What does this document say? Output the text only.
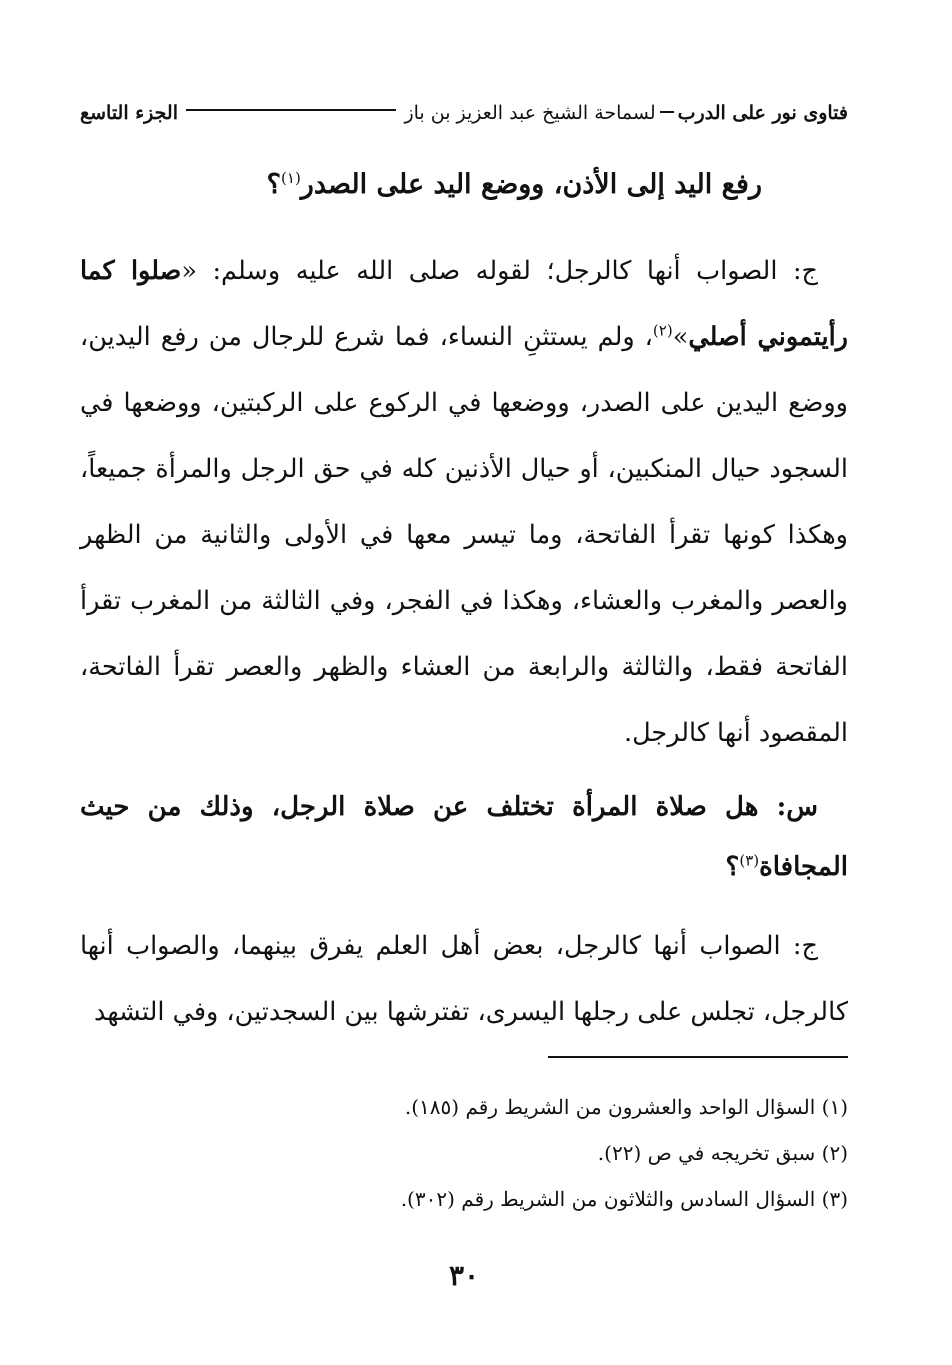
فتاوى نور على الدرب
لسماحة الشيخ عبد العزيز بن باز
الجزء التاسع
رفع اليد إلى الأذن، ووضع اليد على الصدر$^{(١)}$؟

ج: الصواب أنها كالرجل؛ لقوله صلى الله عليه وسلم: «صلوا كما رأيتموني أصلي»$^{(٢)}$، ولم يستثنِ النساء، فما شرع للرجال من رفع اليدين، ووضع اليدين على الصدر، ووضعها في الركوع على الركبتين، ووضعها في السجود حيال المنكبين، أو حيال الأذنين كله في حق الرجل والمرأة جميعاً، وهكذا كونها تقرأ الفاتحة، وما تيسر معها في الأولى والثانية من الظهر والعصر والمغرب والعشاء، وهكذا في الفجر، وفي الثالثة من المغرب تقرأ الفاتحة فقط، والثالثة والرابعة من العشاء والظهر والعصر تقرأ الفاتحة، المقصود أنها كالرجل.

س: هل صلاة المرأة تختلف عن صلاة الرجل، وذلك من حيث المجافاة$^{(٣)}$؟

ج: الصواب أنها كالرجل، بعض أهل العلم يفرق بينهما، والصواب أنها كالرجل، تجلس على رجلها اليسرى، تفترشها بين السجدتين، وفي التشهد

(١) السؤال الواحد والعشرون من الشريط رقم (١٨٥).
(٢) سبق تخريجه في ص (٢٢).
(٣) السؤال السادس والثلاثون من الشريط رقم (٣٠٢).
٣٠
